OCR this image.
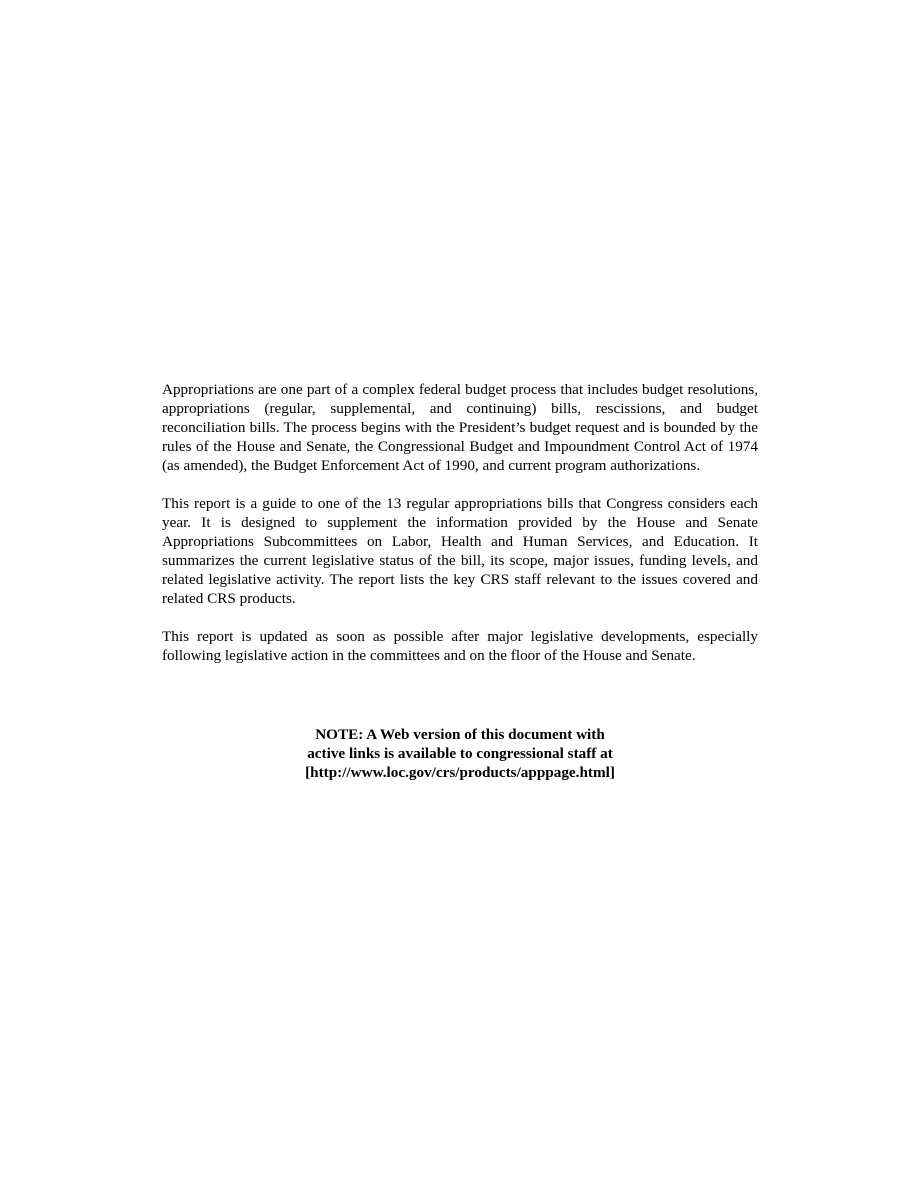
Appropriations are one part of a complex federal budget process that includes budget resolutions, appropriations (regular, supplemental, and continuing) bills, rescissions, and budget reconciliation bills. The process begins with the President’s budget request and is bounded by the rules of the House and Senate, the Congressional Budget and Impoundment Control Act of 1974 (as amended), the Budget Enforcement Act of 1990, and current program authorizations.

This report is a guide to one of the 13 regular appropriations bills that Congress considers each year. It is designed to supplement the information provided by the House and Senate Appropriations Subcommittees on Labor, Health and Human Services, and Education. It summarizes the current legislative status of the bill, its scope, major issues, funding levels, and related legislative activity. The report lists the key CRS staff relevant to the issues covered and related CRS products.

This report is updated as soon as possible after major legislative developments, especially following legislative action in the committees and on the floor of the House and Senate.

NOTE: A Web version of this document with
active links is available to congressional staff at
[http://www.loc.gov/crs/products/apppage.html]
